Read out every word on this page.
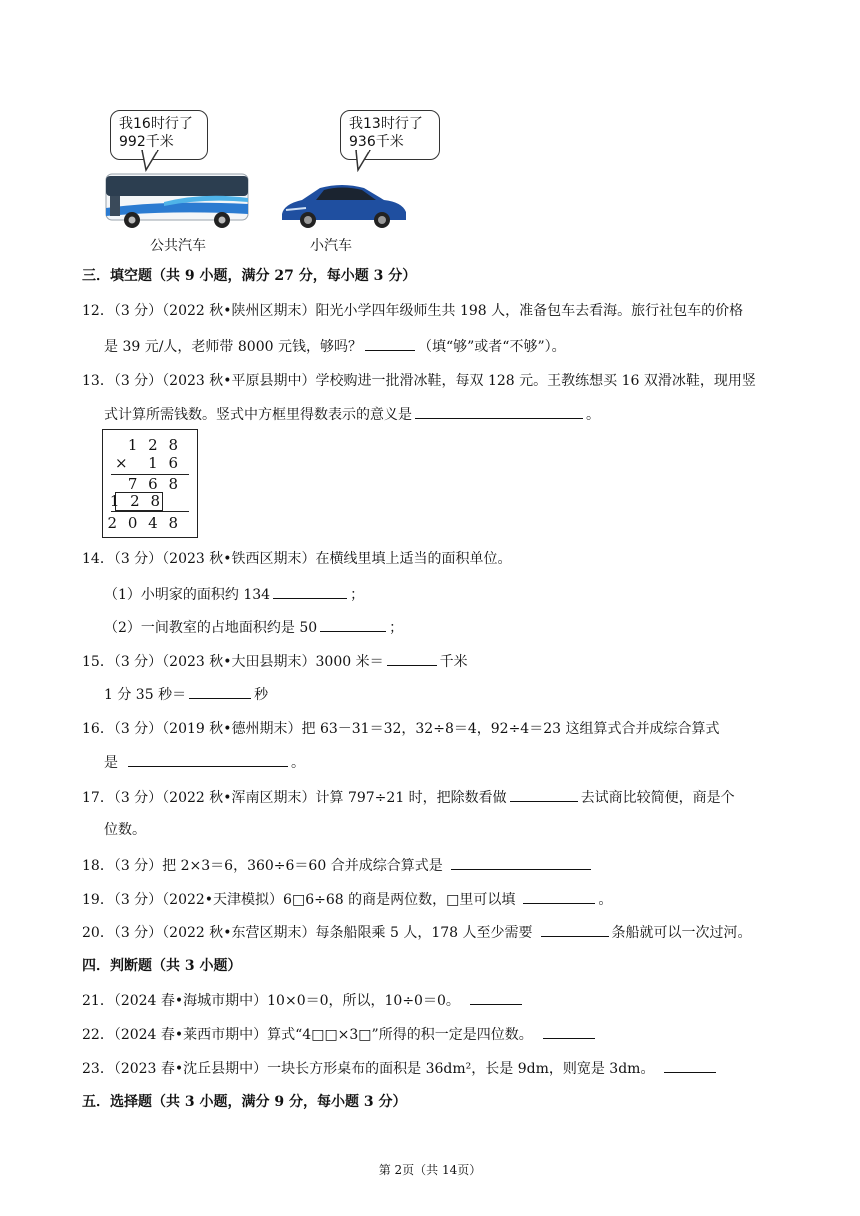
我16时行了
992千米
我13时行了
936千米
公共汽车	小汽车
三．填空题（共 9 小题，满分 27 分，每小题 3 分）
12．（3 分）（2022 秋•陕州区期末）阳光小学四年级师生共 198 人，准备包车去看海。旅行社包车的价格
是 39 元/人，老师带 8000 元钱，够吗？	（填“够”或者“不够”）。
13．（3 分）（2023 秋•平原县期中）学校购进一批滑冰鞋，每双 128 元。王教练想买 16 双滑冰鞋，现用竖
式计算所需钱数。竖式中方框里得数表示的意义是	。
1 2 8
× 1 6
7 6 8
1 2 8
2 0 4 8
14．（3 分）（2023 秋•铁西区期末）在横线里填上适当的面积单位。
（1）小明家的面积约 134	；
（2）一间教室的占地面积约是 50	；
15．（3 分）（2023 秋•大田县期末）3000 米＝	千米
1 分 35 秒＝	秒
16．（3 分）（2019 秋•德州期末）把 63－31＝32，32÷8＝4，92÷4＝23 这组算式合并成综合算式
是	。
17．（3 分）（2022 秋•浑南区期末）计算 797÷21 时，把除数看做	去试商比较简便，商是个
位数。
18．（3 分）把 2×3＝6，360÷6＝60 合并成综合算式是
19．（3 分）（2022•天津模拟）6□6÷68 的商是两位数，□里可以填	。
20．（3 分）（2022 秋•东营区期末）每条船限乘 5 人，178 人至少需要	条船就可以一次过河。
四．判断题（共 3 小题）
21．（2024 春•海城市期中）10×0＝0，所以，10÷0＝0。
22．（2024 春•莱西市期中）算式“4□□×3□”所得的积一定是四位数。
23．（2023 春•沈丘县期中）一块长方形桌布的面积是 36dm²，长是 9dm，则宽是 3dm。
五．选择题（共 3 小题，满分 9 分，每小题 3 分）
第 2页（共 14页）
